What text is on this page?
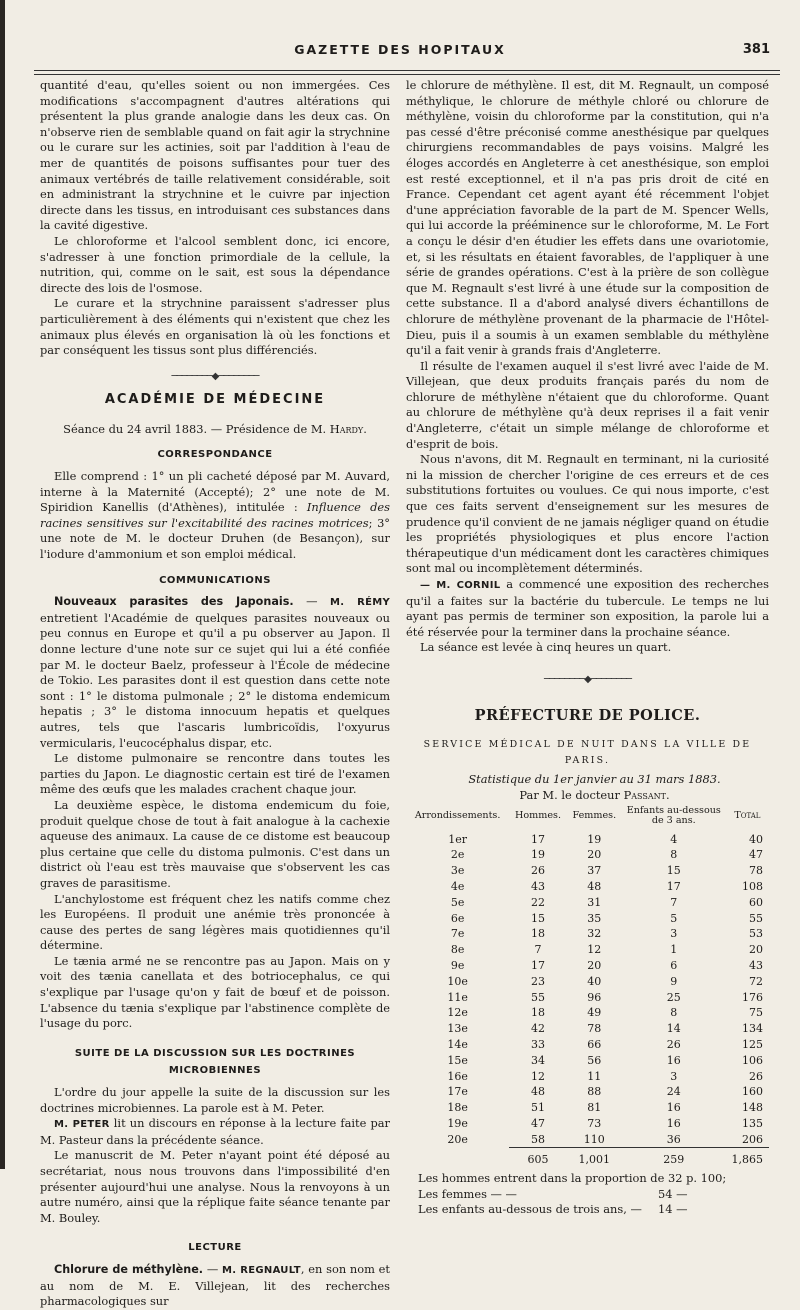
GAZETTE DES HOPITAUX	381

quantité d'eau, qu'elles soient ou non immergées. Ces modifications s'accompagnent d'autres altérations qui présentent la plus grande analogie dans les deux cas. On n'observe rien de semblable quand on fait agir la strychnine ou le curare sur les actinies, soit par l'addition à l'eau de mer de quantités de poisons suffisantes pour tuer des animaux vertébrés de taille relativement considérable, soit en administrant la strychnine et le cuivre par injection directe dans les tissus, en introduisant ces substances dans la cavité digestive.

Le chloroforme et l'alcool semblent donc, ici encore, s'adresser à une fonction primordiale de la cellule, la nutrition, qui, comme on le sait, est sous la dépendance directe des lois de l'osmose.

Le curare et la strychnine paraissent s'adresser plus particulièrement à des éléments qui n'existent que chez les animaux plus élevés en organisation là où les fonctions et par conséquent les tissus sont plus différenciés.

────────◆────────
ACADÉMIE DE MÉDECINE
Séance du 24 avril 1883. — Présidence de M. Hardy.
CORRESPONDANCE

Elle comprend : 1° un pli cacheté déposé par M. Auvard, interne à la Maternité (Accepté); 2° une note de M. Spiridion Kanellis (d'Athènes), intitulée : Influence des racines sensitives sur l'excitabilité des racines motrices; 3° une note de M. le docteur Druhen (de Besançon), sur l'iodure d'ammonium et son emploi médical.

COMMUNICATIONS

Nouveaux parasites des Japonais. — M. RÉMY entretient l'Académie de quelques parasites nouveaux ou peu connus en Europe et qu'il a pu observer au Japon. Il donne lecture d'une note sur ce sujet qui lui a été confiée par M. le docteur Baelz, professeur à l'École de médecine de Tokio. Les parasites dont il est question dans cette note sont : 1° le distoma pulmonale ; 2° le distoma endemicum hepatis ; 3° le distoma innocuum hepatis et quelques autres, tels que l'ascaris lumbricoïdis, l'oxyurus vermicularis, l'eucocéphalus dispar, etc.

Le distome pulmonaire se rencontre dans toutes les parties du Japon. Le diagnostic certain est tiré de l'examen même des œufs que les malades crachent chaque jour.

La deuxième espèce, le distoma endemicum du foie, produit quelque chose de tout à fait analogue à la cachexie aqueuse des animaux. La cause de ce distome est beaucoup plus certaine que celle du distoma pulmonis. C'est dans un district où l'eau est très mauvaise que s'observent les cas graves de parasitisme.

L'anchylostome est fréquent chez les natifs comme chez les Européens. Il produit une anémie très prononcée à cause des pertes de sang légères mais quotidiennes qu'il détermine.

Le tænia armé ne se rencontre pas au Japon. Mais on y voit des tænia canellata et des botriocephalus, ce qui s'explique par l'usage qu'on y fait de bœuf et de poisson. L'absence du tænia s'explique par l'abstinence complète de l'usage du porc.

SUITE DE LA DISCUSSION SUR LES DOCTRINES
MICROBIENNES

L'ordre du jour appelle la suite de la discussion sur les doctrines microbiennes. La parole est à M. Peter.

M. PETER lit un discours en réponse à la lecture faite par M. Pasteur dans la précédente séance.

Le manuscrit de M. Peter n'ayant point été déposé au secrétariat, nous nous trouvons dans l'impossibilité d'en présenter aujourd'hui une analyse. Nous la renvoyons à un autre numéro, ainsi que la réplique faite séance tenante par M. Bouley.

LECTURE

Chlorure de méthylène. — M. REGNAULT, en son nom et au nom de M. E. Villejean, lit des recherches pharmacologiques sur

le chlorure de méthylène. Il est, dit M. Regnault, un composé méthylique, le chlorure de méthyle chloré ou chlorure de méthylène, voisin du chloroforme par la constitution, qui n'a pas cessé d'être préconisé comme anesthésique par quelques chirurgiens recommandables de pays voisins. Malgré les éloges accordés en Angleterre à cet anesthésique, son emploi est resté exceptionnel, et il n'a pas pris droit de cité en France. Cependant cet agent ayant été récemment l'objet d'une appréciation favorable de la part de M. Spencer Wells, qui lui accorde la prééminence sur le chloroforme, M. Le Fort a conçu le désir d'en étudier les effets dans une ovariotomie, et, si les résultats en étaient favorables, de l'appliquer à une série de grandes opérations. C'est à la prière de son collègue que M. Regnault s'est livré à une étude sur la composition de cette substance. Il a d'abord analysé divers échantillons de chlorure de méthylène provenant de la pharmacie de l'Hôtel-Dieu, puis il a soumis à un examen semblable du méthylène qu'il a fait venir à grands frais d'Angleterre.

Il résulte de l'examen auquel il s'est livré avec l'aide de M. Villejean, que deux produits français parés du nom de chlorure de méthylène n'étaient que du chloroforme. Quant au chlorure de méthylène qu'à deux reprises il a fait venir d'Angleterre, c'était un simple mélange de chloroforme et d'esprit de bois.

Nous n'avons, dit M. Regnault en terminant, ni la curiosité ni la mission de chercher l'origine de ces erreurs et de ces substitutions fortuites ou voulues. Ce qui nous importe, c'est que ces faits servent d'enseignement sur les mesures de prudence qu'il convient de ne jamais négliger quand on étudie les propriétés physiologiques et plus encore l'action thérapeutique d'un médicament dont les caractères chimiques sont mal ou incomplètement déterminés.

— M. CORNIL a commencé une exposition des recherches qu'il a faites sur la bactérie du tubercule. Le temps ne lui ayant pas permis de terminer son exposition, la parole lui a été réservée pour la terminer dans la prochaine séance.

La séance est levée à cinq heures un quart.

────────◆────────
PRÉFECTURE DE POLICE.
SERVICE MÉDICAL DE NUIT DANS LA VILLE DE PARIS.

Statistique du 1er janvier au 31 mars 1883.

Par M. le docteur Passant.

Arrondissements.	Hommes.	Femmes.	Enfants au-dessous de 3 ans.	Total
1er	17	19	4	40
2e	19	20	8	47
3e	26	37	15	78
4e	43	48	17	108
5e	22	31	7	60
6e	15	35	5	55
7e	18	32	3	53
8e	7	12	1	20
9e	17	20	6	43
10e	23	40	9	72
11e	55	96	25	176
12e	18	49	8	75
13e	42	78	14	134
14e	33	66	26	125
15e	34	56	16	106
16e	12	11	3	26
17e	48	88	24	160
18e	51	81	16	148
19e	47	73	16	135
20e	58	110	36	206
	605	1,001	259	1,865
Les hommes entrent dans la proportion de 32 p. 100;
Les femmes — —	54 —
Les enfants au-dessous de trois ans, —	14 —
